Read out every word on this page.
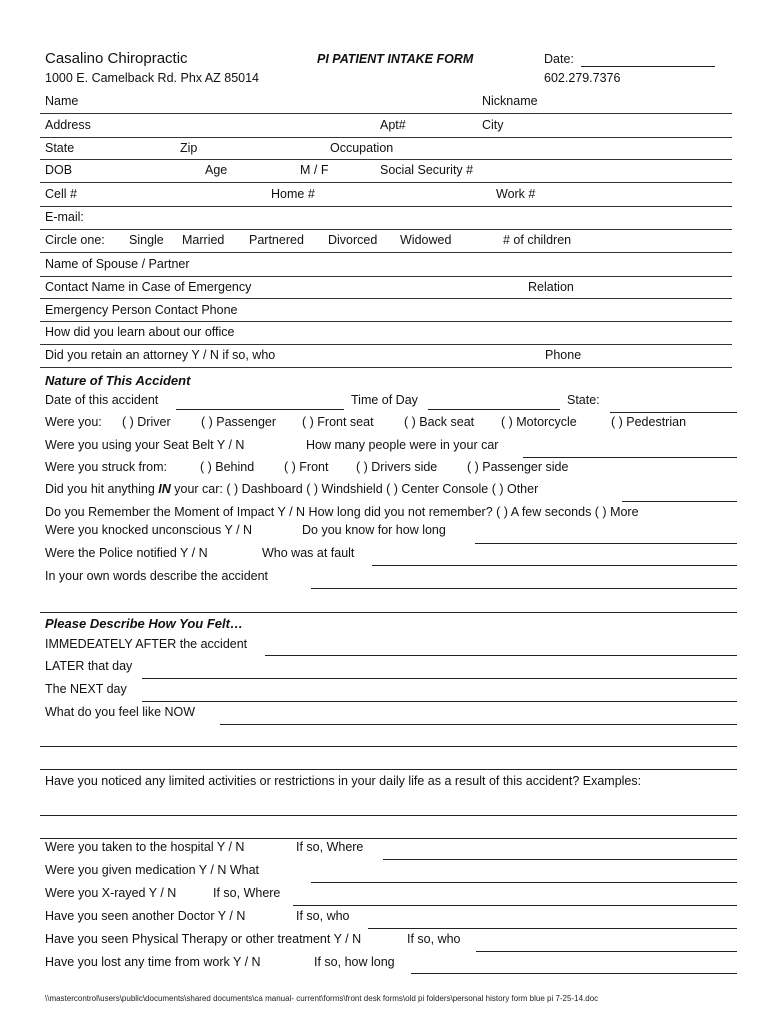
Casalino Chiropractic
1000 E. Camelback Rd. Phx AZ 85014
PI PATIENT INTAKE FORM	Date:
602.279.7376
Name	Nickname
Address	Apt#	City
State	Zip	Occupation
DOB	Age	M / F	Social Security #
Cell #	Home #	Work #
E-mail:
Circle one: Single Married Partnered Divorced Widowed	# of children
Name of Spouse / Partner
Contact Name in Case of Emergency	Relation
Emergency Person Contact Phone
How did you learn about our office
Did you retain an attorney Y / N if so, who	Phone
Nature of This Accident
Date of this accident	Time of Day	State:
Were you: ( ) Driver ( ) Passenger ( ) Front seat ( ) Back seat ( ) Motorcycle	( ) Pedestrian
Were you using your Seat Belt Y / N	How many people were in your car
Were you struck from:	( ) Behind ( ) Front ( ) Drivers side ( ) Passenger side
Did you hit anything IN your car: ( ) Dashboard ( ) Windshield ( ) Center Console ( ) Other
Do you Remember the Moment of Impact Y / N How long did you not remember? ( ) A few seconds ( ) More
Were you knocked unconscious Y / N	Do you know for how long
Were the Police notified Y / N	Who was at fault
In your own words describe the accident
Please Describe How You Felt…
IMMEDEATELY AFTER the accident
LATER that day
The NEXT day
What do you feel like NOW
Have you noticed any limited activities or restrictions in your daily life as a result of this accident? Examples:
Were you taken to the hospital Y / N	If so, Where
Were you given medication Y / N What
Were you X-rayed Y / N	If so, Where
Have you seen another Doctor Y / N	If so, who
Have you seen Physical Therapy or other treatment Y / N	If so, who
Have you lost any time from work Y / N	If so, how long
\\mastercontrol\users\public\documents\shared documents\ca manual- current\forms\front desk forms\old pi folders\personal history form blue pi 7-25-14.doc
